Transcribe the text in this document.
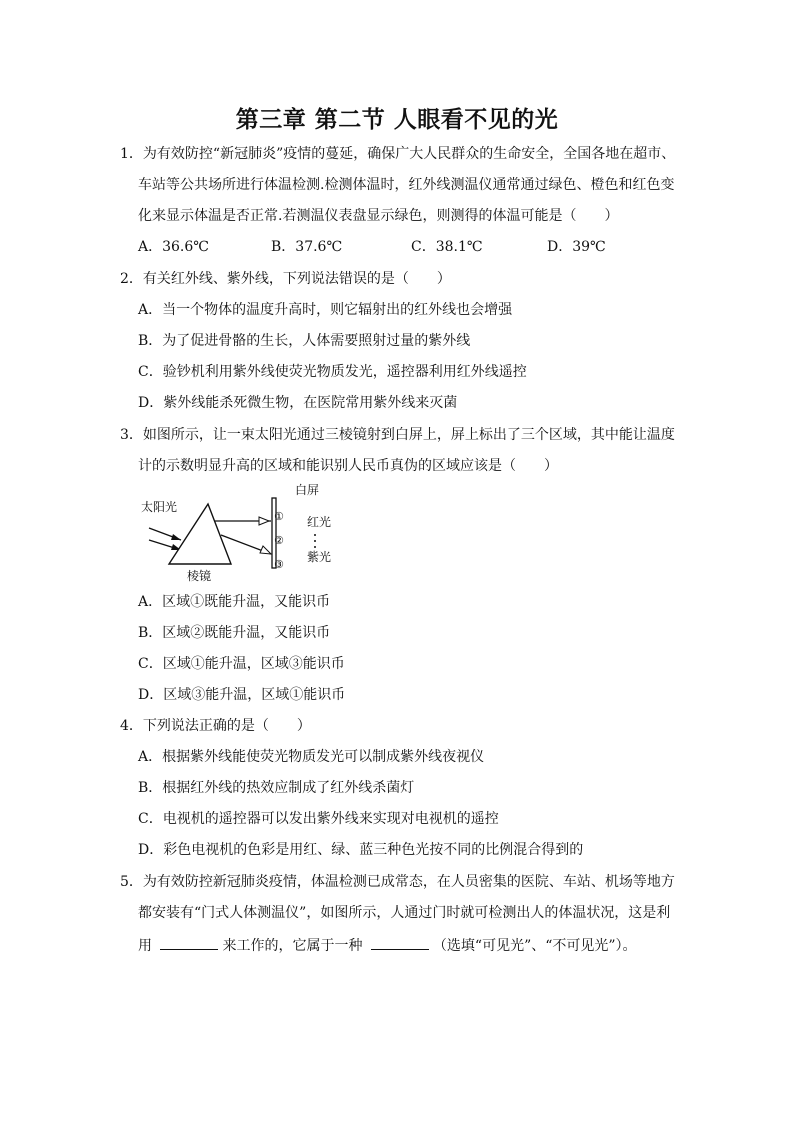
第三章 第二节 人眼看不见的光
1．为有效防控“新冠肺炎”疫情的蔓延，确保广大人民群众的生命安全，全国各地在超市、
车站等公共场所进行体温检测.检测体温时，红外线测温仪通常通过绿色、橙色和红色变
化来显示体温是否正常.若测温仪表盘显示绿色，则测得的体温可能是（　　）
A．36.6℃	B．37.6℃	C．38.1℃	D．39℃
2．有关红外线、紫外线，下列说法错误的是（　　）
A．当一个物体的温度升高时，则它辐射出的红外线也会增强
B．为了促进骨骼的生长，人体需要照射过量的紫外线
C．验钞机利用紫外线使荧光物质发光，遥控器利用红外线遥控
D．紫外线能杀死微生物，在医院常用紫外线来灭菌
3．如图所示，让一束太阳光通过三棱镜射到白屏上，屏上标出了三个区域，其中能让温度
计的示数明显升高的区域和能识别人民币真伪的区域应该是（　　）
太阳光
白屏
棱镜
①
②
③
红光
紫光
A．区域①既能升温，又能识币
B．区域②既能升温，又能识币
C．区域①能升温，区域③能识币
D．区域③能升温，区域①能识币
4．下列说法正确的是（　　）
A．根据紫外线能使荧光物质发光可以制成紫外线夜视仪
B．根据红外线的热效应制成了红外线杀菌灯
C．电视机的遥控器可以发出紫外线来实现对电视机的遥控
D．彩色电视机的色彩是用红、绿、蓝三种色光按不同的比例混合得到的
5．为有效防控新冠肺炎疫情，体温检测已成常态，在人员密集的医院、车站、机场等地方
都安装有“门式人体测温仪”，如图所示，人通过门时就可检测出人的体温状况，这是利
用	来工作的，它属于一种	（选填“可见光”、“不可见光”）。
